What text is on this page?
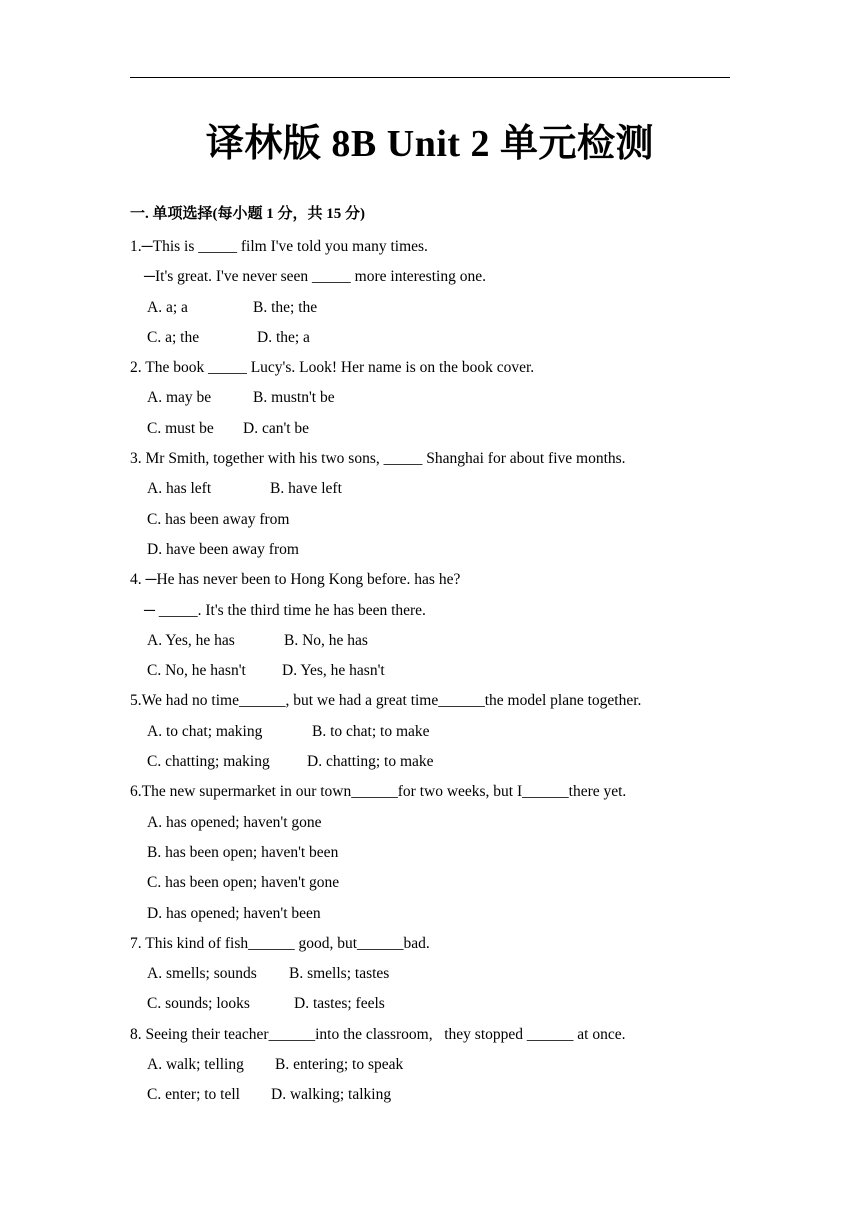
译林版 8B Unit 2 单元检测
一. 单项选择(每小题 1 分，共 15 分)
1.─This is _____ film I've told you many times.
─It's great. I've never seen _____ more interesting one.
A. a; a	B. the; the
C. a; the	D. the; a
2. The book _____ Lucy's. Look! Her name is on the book cover.
A. may be	B. mustn't be
C. must be D. can't be
3. Mr Smith, together with his two sons, _____ Shanghai for about five months.
A. has left	B. have left
C. has been away from
D. have been away from
4. ─He has never been to Hong Kong before. has he?
─ _____. It's the third time he has been there.
A. Yes, he has	B. No, he has
C. No, he hasn't D. Yes, he hasn't
5.We had no time______, but we had a great time______the model plane together.
A. to chat; making	B. to chat; to make
C. chatting; making D. chatting; to make
6.The new supermarket in our town______for two weeks, but I______there yet.
A. has opened; haven't gone
B. has been open; haven't been
C. has been open; haven't gone
D. has opened; haven't been
7. This kind of fish______ good, but______bad.
A. smells; sounds B. smells; tastes
C. sounds; looks	D. tastes; feels
8. Seeing their teacher______into the classroom,   they stopped ______ at once.
A. walk; telling B. entering; to speak
C. enter; to tell D. walking; talking
